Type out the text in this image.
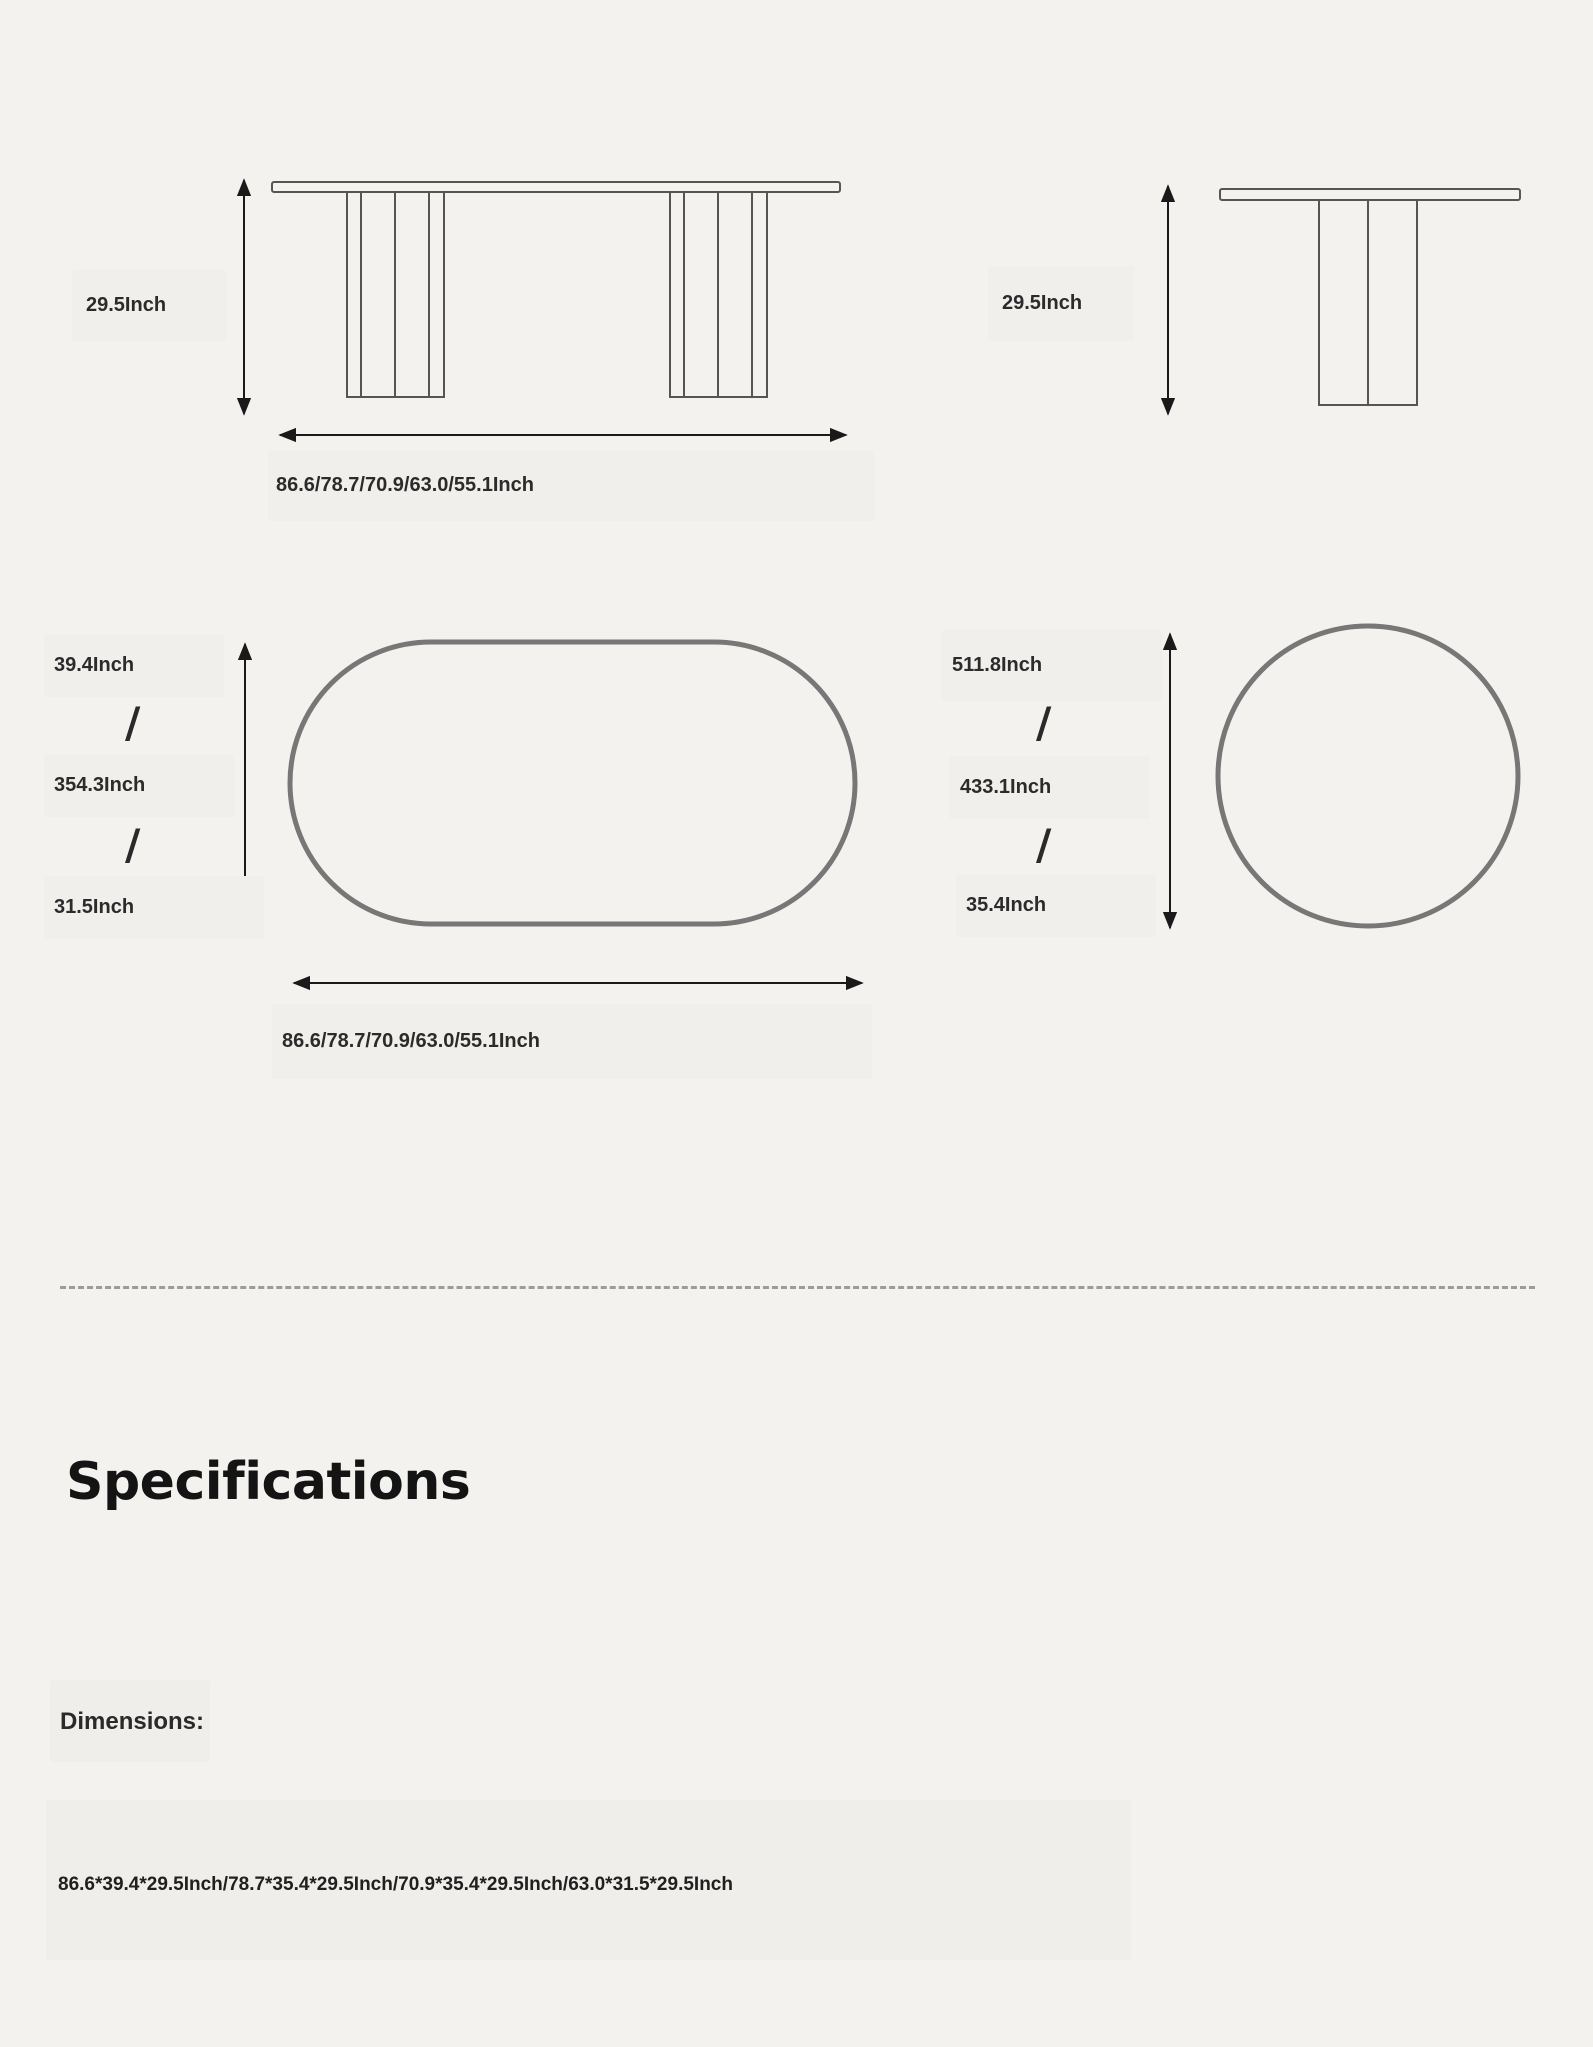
29.5Inch
86.6/78.7/70.9/63.0/55.1Inch
29.5Inch
39.4Inch
/
354.3Inch
/
31.5Inch
86.6/78.7/70.9/63.0/55.1Inch
511.8Inch
/
433.1Inch
/
35.4Inch
Specifications
Dimensions:
86.6*39.4*29.5Inch/78.7*35.4*29.5Inch/70.9*35.4*29.5Inch/63.0*31.5*29.5Inch
